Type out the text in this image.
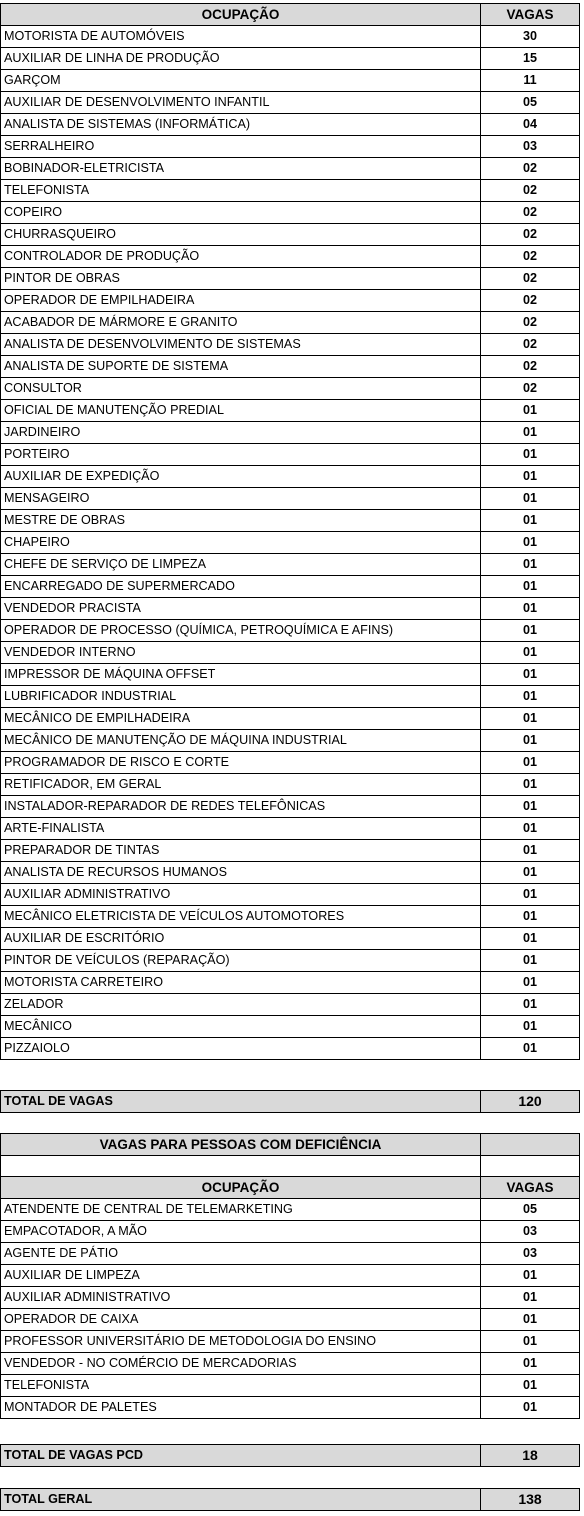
OCUPAÇÃO	VAGAS
MOTORISTA DE AUTOMÓVEIS	30
AUXILIAR DE LINHA DE PRODUÇÃO	15
GARÇOM	11
AUXILIAR DE DESENVOLVIMENTO INFANTIL	05
ANALISTA DE SISTEMAS (INFORMÁTICA)	04
SERRALHEIRO	03
BOBINADOR-ELETRICISTA	02
TELEFONISTA	02
COPEIRO	02
CHURRASQUEIRO	02
CONTROLADOR DE PRODUÇÃO	02
PINTOR DE OBRAS	02
OPERADOR DE EMPILHADEIRA	02
ACABADOR DE MÁRMORE E GRANITO	02
ANALISTA DE DESENVOLVIMENTO DE SISTEMAS	02
ANALISTA DE SUPORTE DE SISTEMA	02
CONSULTOR	02
OFICIAL DE MANUTENÇÃO PREDIAL	01
JARDINEIRO	01
PORTEIRO	01
AUXILIAR DE EXPEDIÇÃO	01
MENSAGEIRO	01
MESTRE DE OBRAS	01
CHAPEIRO	01
CHEFE DE SERVIÇO DE LIMPEZA	01
ENCARREGADO DE SUPERMERCADO	01
VENDEDOR PRACISTA	01
OPERADOR DE PROCESSO (QUÍMICA, PETROQUÍMICA E AFINS)	01
VENDEDOR INTERNO	01
IMPRESSOR DE MÁQUINA OFFSET	01
LUBRIFICADOR INDUSTRIAL	01
MECÂNICO DE EMPILHADEIRA	01
MECÂNICO DE MANUTENÇÃO DE MÁQUINA INDUSTRIAL	01
PROGRAMADOR DE RISCO E CORTE	01
RETIFICADOR, EM GERAL	01
INSTALADOR-REPARADOR DE REDES TELEFÔNICAS	01
ARTE-FINALISTA	01
PREPARADOR DE TINTAS	01
ANALISTA DE RECURSOS HUMANOS	01
AUXILIAR ADMINISTRATIVO	01
MECÂNICO ELETRICISTA DE VEÍCULOS AUTOMOTORES	01
AUXILIAR DE ESCRITÓRIO	01
PINTOR DE VEÍCULOS (REPARAÇÃO)	01
MOTORISTA CARRETEIRO	01
ZELADOR	01
MECÂNICO	01
PIZZAIOLO	01
TOTAL DE VAGAS	120
VAGAS PARA PESSOAS COM DEFICIÊNCIA	

OCUPAÇÃO	VAGAS
ATENDENTE DE CENTRAL DE TELEMARKETING	05
EMPACOTADOR, A MÃO	03
AGENTE DE PÁTIO	03
AUXILIAR DE LIMPEZA	01
AUXILIAR ADMINISTRATIVO	01
OPERADOR DE CAIXA	01
PROFESSOR UNIVERSITÁRIO DE METODOLOGIA DO ENSINO	01
VENDEDOR - NO COMÉRCIO DE MERCADORIAS	01
TELEFONISTA	01
MONTADOR DE PALETES	01
TOTAL DE VAGAS PCD	18
TOTAL GERAL	138
